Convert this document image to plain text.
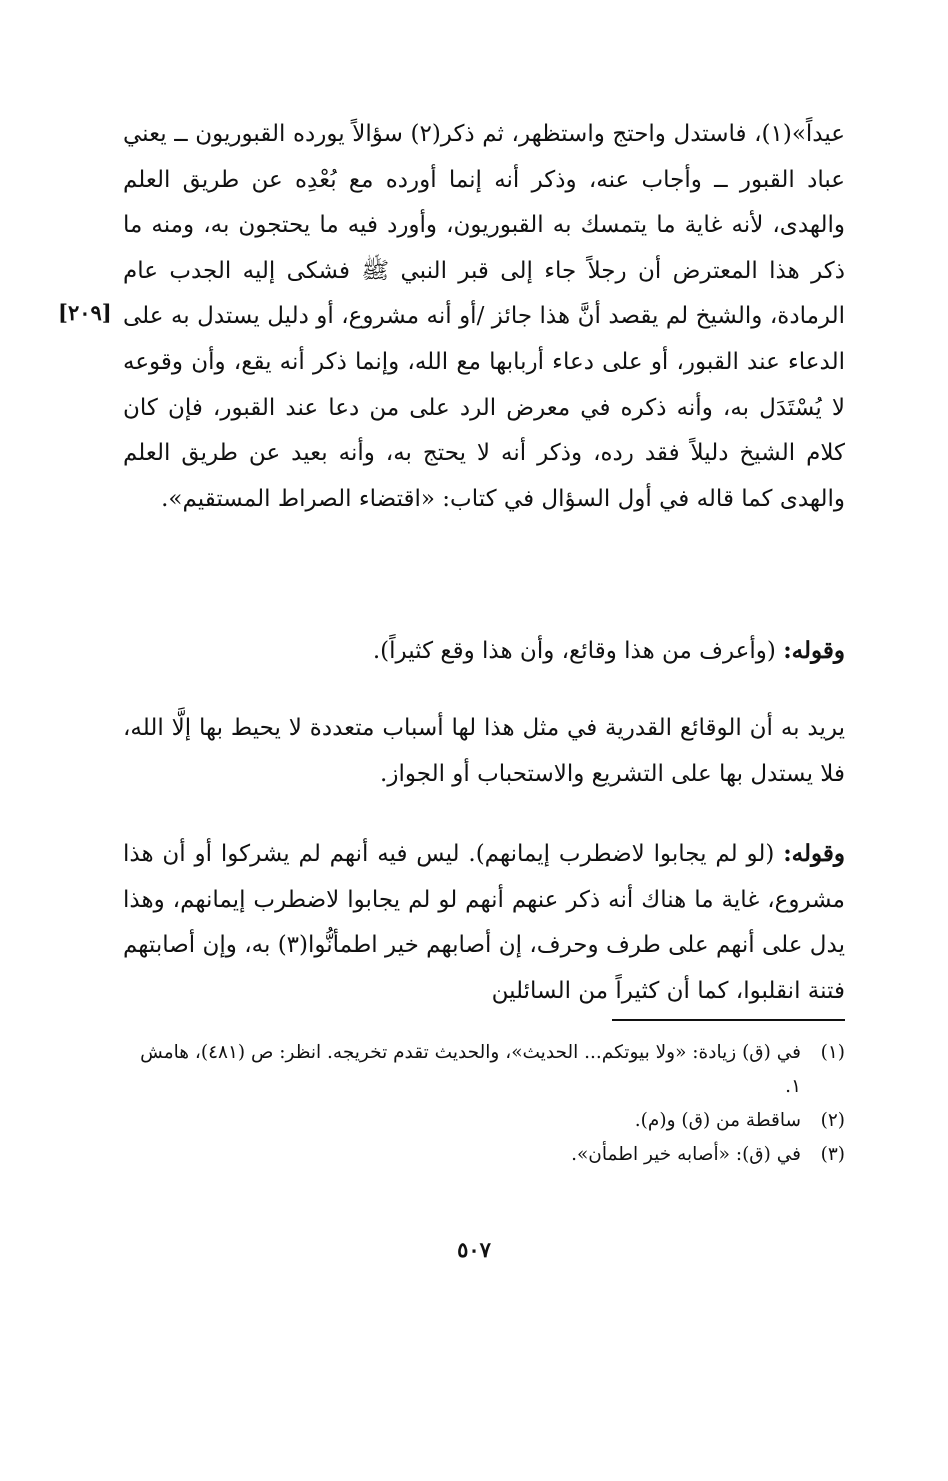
[٢٠٩]

عيداً»(١)، فاستدل واحتج واستظهر، ثم ذكر(٢) سؤالاً يورده القبوريون ــ يعني عباد القبور ــ وأجاب عنه، وذكر أنه إنما أورده مع بُعْدِه عن طريق العلم والهدى، لأنه غاية ما يتمسك به القبوريون، وأورد فيه ما يحتجون به، ومنه ما ذكر هذا المعترض أن رجلاً جاء إلى قبر النبي ﷺ فشكى إليه الجدب عام الرمادة، والشيخ لم يقصد أنَّ هذا جائز /أو أنه مشروع، أو دليل يستدل به على الدعاء عند القبور، أو على دعاء أربابها مع الله، وإنما ذكر أنه يقع، وأن وقوعه لا يُسْتَدَل به، وأنه ذكره في معرض الرد على من دعا عند القبور، فإن كان كلام الشيخ دليلاً فقد رده، وذكر أنه لا يحتج به، وأنه بعيد عن طريق العلم والهدى كما قاله في أول السؤال في كتاب: «اقتضاء الصراط المستقيم».

وقوله: (وأعرف من هذا وقائع، وأن هذا وقع كثيراً).

يريد به أن الوقائع القدرية في مثل هذا لها أسباب متعددة لا يحيط بها إلَّا الله، فلا يستدل بها على التشريع والاستحباب أو الجواز.

وقوله: (لو لم يجابوا لاضطرب إيمانهم). ليس فيه أنهم لم يشركوا أو أن هذا مشروع، غاية ما هناك أنه ذكر عنهم أنهم لو لم يجابوا لاضطرب إيمانهم، وهذا يدل على أنهم على طرف وحرف، إن أصابهم خير اطمأنُّوا(٣) به، وإن أصابتهم فتنة انقلبوا، كما أن كثيراً من السائلين

(١)
في (ق) زيادة: «ولا بيوتكم... الحديث»، والحديث تقدم تخريجه. انظر: ص (٤٨١)، هامش ١.
(٢)
ساقطة من (ق) و(م).
(٣)
في (ق): «أصابه خير اطمأن».
٥٠٧
